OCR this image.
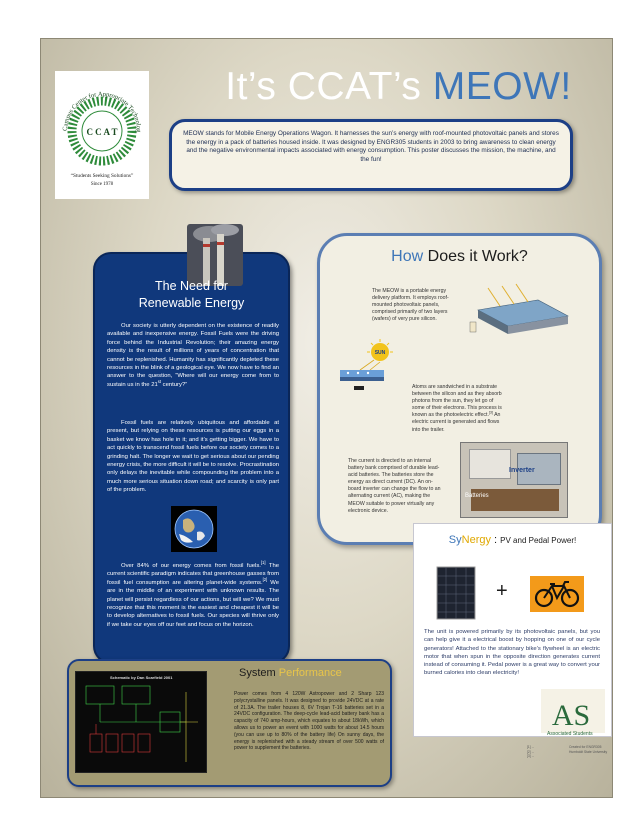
Campus Center for Appropriate Technolog
C C A T
“Students Seeking Solutions”
Since 1978
It’s CCAT’s MEOW!
MEOW stands for Mobile Energy Operations Wagon. It harnesses the sun’s energy with roof-mounted photovoltaic panels and stores the energy in a pack of batteries housed inside. It was designed by ENGR305 students in 2003 to bring awareness to clean energy and the negative environmental impacts associated with energy consumption. This poster discusses the mission, the machine, and the fun!
The Need for
Renewable Energy

Our society is utterly dependent on the existence of readily available and inexpensive energy. Fossil Fuels were the driving force behind the Industrial Revolution; their amazing energy density is the result of millions of years of concentration that cannot be replenished. Humanity has significantly depleted these resources in the blink of a geological eye. We now have to find an answer to the question, “Where will our energy come from to sustain us in the 21st century?”

Fossil fuels are relatively ubiquitous and affordable at present, but relying on these resources is putting our eggs in a basket we know has hole in it; and it’s getting bigger. We have to act quickly to transcend fossil fuels before our society comes to a grinding halt. The longer we wait to get serious about our pending energy crisis, the more difficult it will be to resolve. Procrastination only delays the inevitable while compounding the problem into a much more serious situation down road; and scarcity is only part of the problem.

Over 84% of our energy comes from fossil fuels.[1] The current scientific paradigm indicates that greenhouse gasses from fossil fuel consumption are altering planet-wide systems.[2] We are in the middle of an experiment with unknown results. The planet will persist regardless of our actions, but will we? We must recognize that this moment is the easiest and cheapest it will be to develop alternatives to fossil fuels. Our species will thrive only if we take our eyes off our feet and focus on the horizon.

How Does it Work?

The MEOW is a portable energy delivery platform. It employs roof-mounted photovoltaic panels, comprised primarily of two layers (wafers) of very pure silicon.

SUN

Atoms are sandwiched in a substrate between the silicon and as they absorb photons from the sun, they let go of some of their electrons. This process is known as the photoelectric effect.[3] An electric current is generated and flows into the trailer.

The current is directed to an internal battery bank comprised of durable lead-acid batteries. The batteries store the energy as direct current (DC). An on-board inverter can change the flow to an alternating current (AC), making the MEOW suitable to power virtually any electronic device.

Inverter
Batteries
SyNergy : PV and Pedal Power!
+

The unit is powered primarily by its photovoltaic panels, but you can help give it a electrical boost by hopping on one of our cycle generators! Attached to the stationary bike’s flywheel is an electric motor that when spun in the opposite direction generates current instead of consuming it. Pedal power is a great way to convert your burned calories into clean electricity!

Schematic by Dan Scarfield 2001	System Performance

Power comes from 4 120W Astropower and 2 Sharp 123 polycrystalline panels. It was designed to provide 24VDC at a rate of 21.3A. The trailer houses 8, 6V Trojan T-16 batteries set in a 24VDC configuration. The deep-cycle lead-acid battery bank has a capacity of 740 amp-hours, which equates to about 18kWh, which allows us to power an event with 1000 watts for about 14.5 hours (you can use up to 80% of the battery life) On sunny days, the energy is replenished with a steady stream of over 500 watts of power to supplement the batteries.

AS
Associated Students
[1] ...
[2] ...
[3] ...
Created for ENGR305
Humboldt State University
